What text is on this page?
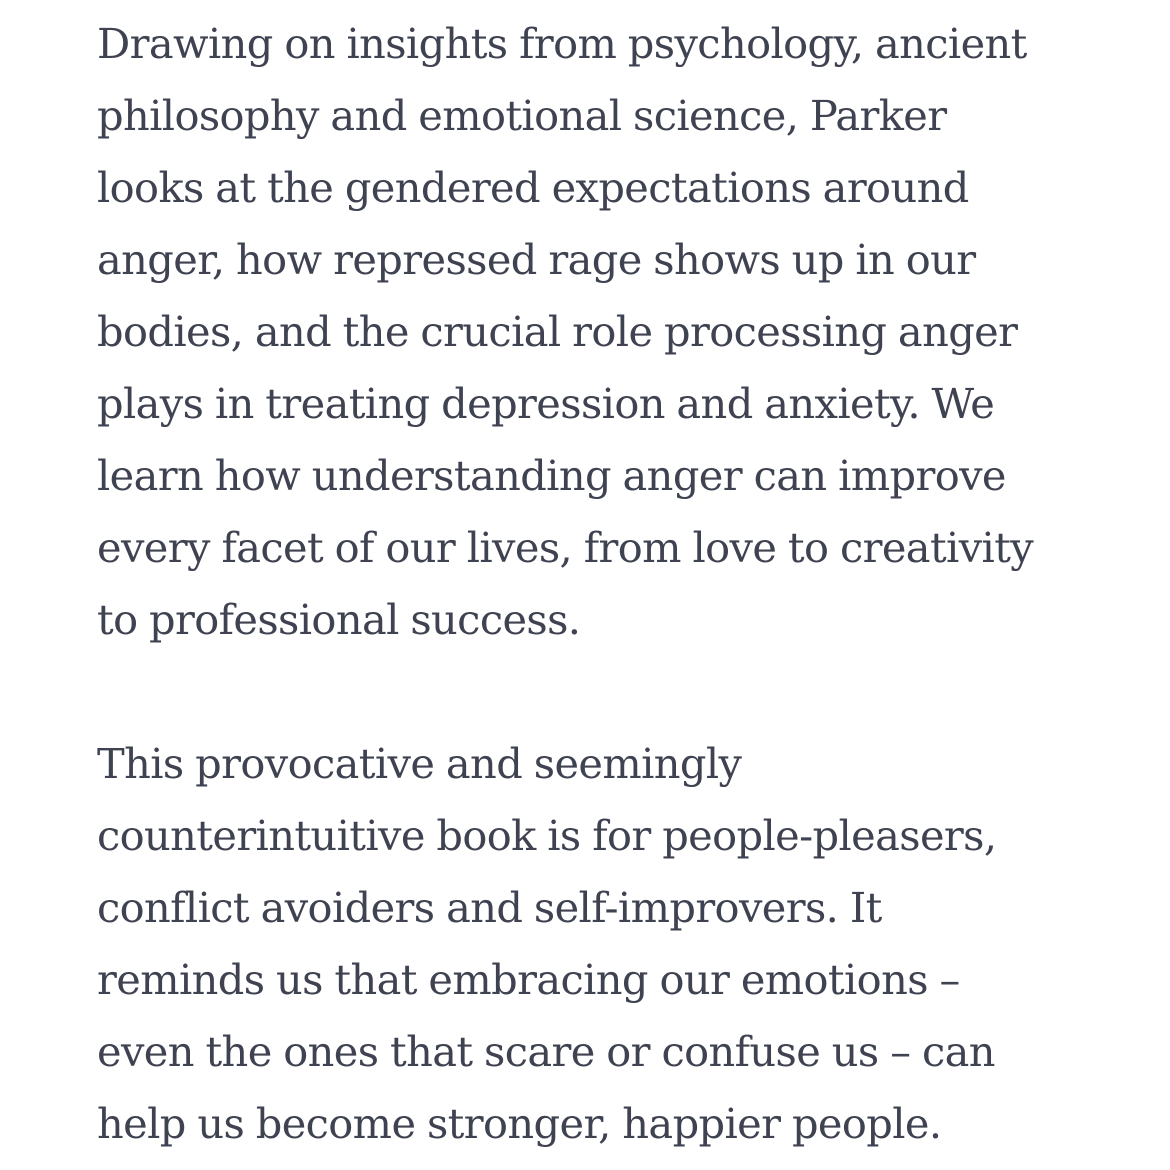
Drawing on insights from psychology, ancient
philosophy and emotional science, Parker
looks at the gendered expectations around
anger, how repressed rage shows up in our
bodies, and the crucial role processing anger
plays in treating depression and anxiety. We
learn how understanding anger can improve
every facet of our lives, from love to creativity
to professional success.
This provocative and seemingly
counterintuitive book is for people-pleasers,
conflict avoiders and self-improvers. It
reminds us that embracing our emotions –
even the ones that scare or confuse us – can
help us become stronger, happier people.
